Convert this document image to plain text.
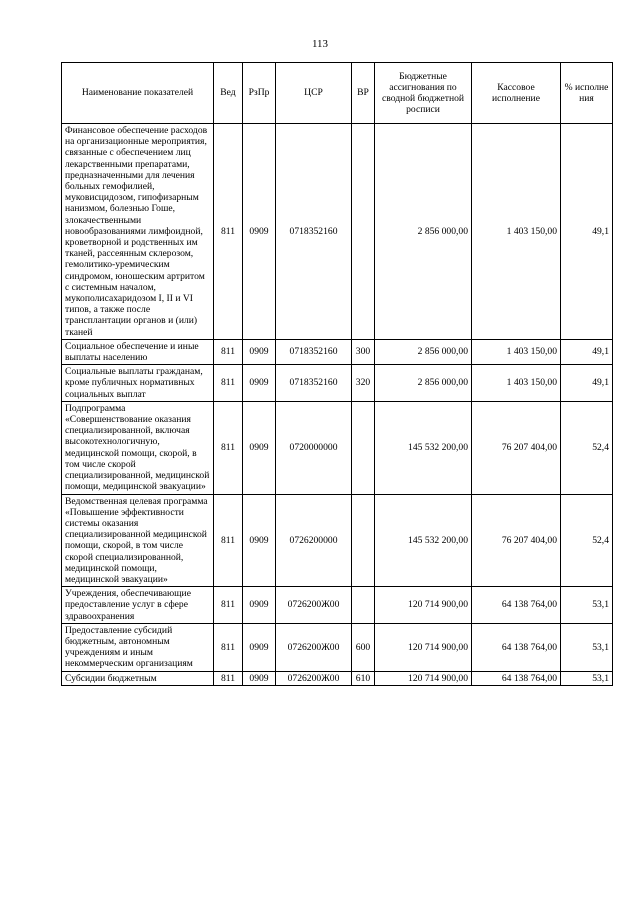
113
Наименование показателей	Вед	РзПр	ЦСР	ВР	Бюджетные ассигнования по сводной бюджетной росписи	Кассовое исполнение	% исполне ния
Финансовое обеспечение расходов на организационные мероприятия, связанные с обеспечением лиц лекарственными препаратами, предназначенными для лечения больных гемофилией, муковисцидозом, гипофизарным нанизмом, болезнью Гоше, злокачественными новообразованиями лимфоидной, кроветворной и родственных им тканей, рассеянным склерозом, гемолитико-уремическим синдромом, юношеским артритом с системным началом, мукополисахаридозом I, II и VI типов, а также после трансплантации органов и (или) тканей	811	0909	0718352160		2 856 000,00	1 403 150,00	49,1
Социальное обеспечение и иные выплаты населению	811	0909	0718352160	300	2 856 000,00	1 403 150,00	49,1
Социальные выплаты гражданам, кроме публичных нормативных социальных выплат	811	0909	0718352160	320	2 856 000,00	1 403 150,00	49,1
Подпрограмма «Совершенствование оказания специализированной, включая высокотехнологичную, медицинской помощи, скорой, в том числе скорой специализированной, медицинской помощи, медицинской эвакуации»	811	0909	0720000000		145 532 200,00	76 207 404,00	52,4
Ведомственная целевая программа «Повышение эффективности системы оказания специализированной медицинской помощи, скорой, в том числе скорой специализированной, медицинской помощи, медицинской эвакуации»	811	0909	0726200000		145 532 200,00	76 207 404,00	52,4
Учреждения, обеспечивающие предоставление услуг в сфере здравоохранения	811	0909	0726200Ж00		120 714 900,00	64 138 764,00	53,1
Предоставление субсидий бюджетным, автономным учреждениям и иным некоммерческим организациям	811	0909	0726200Ж00	600	120 714 900,00	64 138 764,00	53,1
Субсидии бюджетным	811	0909	0726200Ж00	610	120 714 900,00	64 138 764,00	53,1
